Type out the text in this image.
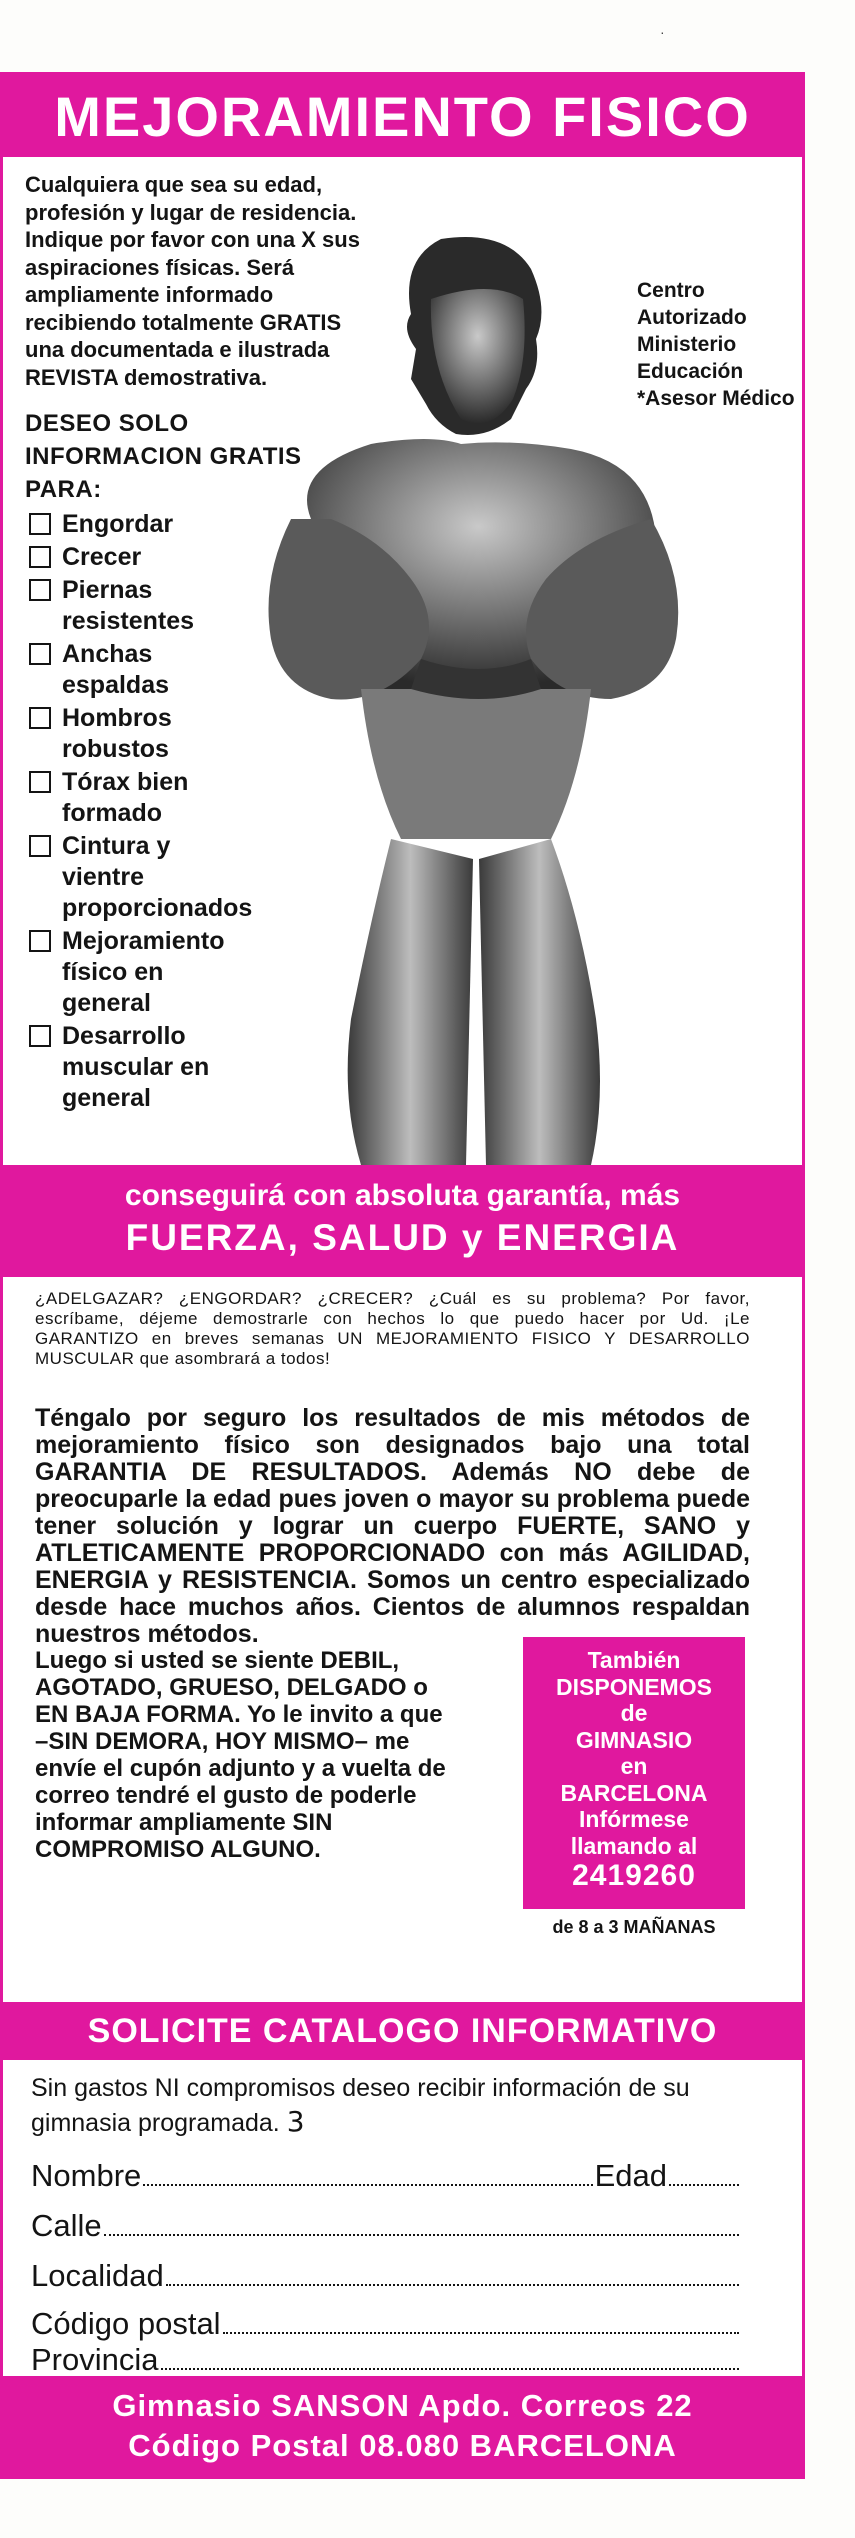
·
MEJORAMIENTO FISICO

Cualquiera que sea su edad, profesión y lugar de residencia. Indique por favor con una X sus aspiraciones físicas. Será ampliamente informado recibiendo totalmente GRATIS una documentada e ilustrada REVISTA demostrativa.

DESEO SOLO INFORMACION GRATIS PARA:

Engordar
Crecer
Piernas resistentes
Anchas espaldas
Hombros robustos
Tórax bien formado
Cintura y vientre proporcionados
Mejoramiento físico en general
Desarrollo muscular en general

Centro Autorizado Ministerio Educación *Asesor Médico

conseguirá con absoluta garantía, más
FUERZA, SALUD y ENERGIA

¿ADELGAZAR? ¿ENGORDAR? ¿CRECER? ¿Cuál es su problema? Por favor, escríbame, déjeme demostrarle con hechos lo que puedo hacer por Ud. ¡Le GARANTIZO en breves semanas UN MEJORAMIENTO FISICO Y DESARROLLO MUSCULAR que asombrará a todos!

Téngalo por seguro los resultados de mis métodos de mejoramiento físico son designados bajo una total GARANTIA DE RESULTADOS. Además NO debe de preocuparle la edad pues joven o mayor su problema puede tener solución y lograr un cuerpo FUERTE, SANO y ATLETICAMENTE PROPORCIONADO con más AGILIDAD, ENERGIA y RESISTENCIA. Somos un centro especializado desde hace muchos años. Cientos de alumnos respaldan nuestros métodos.

Luego si usted se siente DEBIL, AGOTADO, GRUESO, DELGADO o EN BAJA FORMA. Yo le invito a que –SIN DEMORA, HOY MISMO– me envíe el cupón adjunto y a vuelta de correo tendré el gusto de poderle informar ampliamente SIN COMPROMISO ALGUNO.

También
DISPONEMOS
de
GIMNASIO
en
BARCELONA
Infórmese
llamando al
2419260
de 8 a 3 MAÑANAS
SOLICITE CATALOGO INFORMATIVO

Sin gastos NI compromisos deseo recibir información de su gimnasia programada. 3

Nombre	Edad
Calle
Localidad
Código postal
Provincia
Gimnasio SANSON Apdo. Correos 22
Código Postal 08.080 BARCELONA
